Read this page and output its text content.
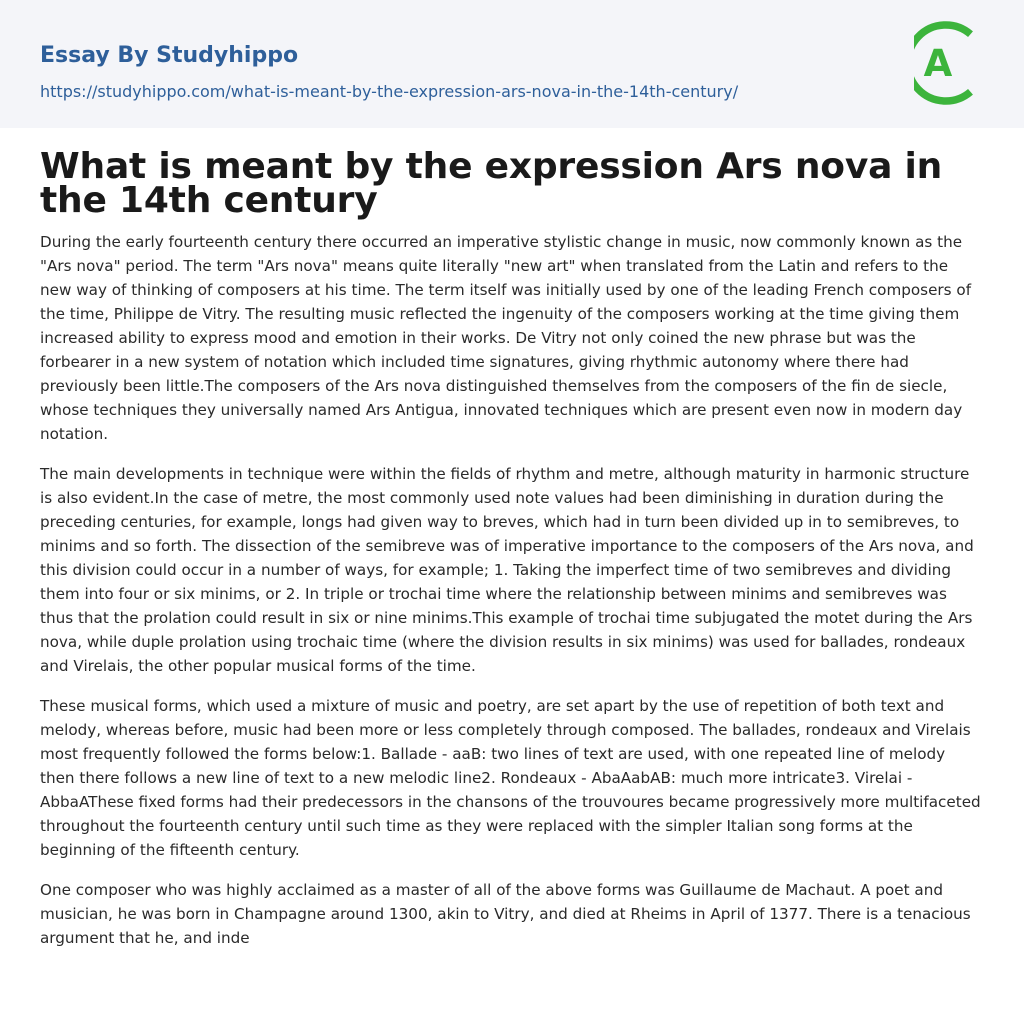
Essay By Studyhippo
https://studyhippo.com/what-is-meant-by-the-expression-ars-nova-in-the-14th-century/
A
What is meant by the expression Ars nova in the 14th century

During the early fourteenth century there occurred an imperative stylistic change in music, now commonly known as the "Ars nova" period. The term "Ars nova" means quite literally "new art" when translated from the Latin and refers to the new way of thinking of composers at his time. The term itself was initially used by one of the leading French composers of the time, Philippe de Vitry. The resulting music reflected the ingenuity of the composers working at the time giving them increased ability to express mood and emotion in their works. De Vitry not only coined the new phrase but was the forbearer in a new system of notation which included time signatures, giving rhythmic autonomy where there had previously been little.The composers of the Ars nova distinguished themselves from the composers of the fin de siecle, whose techniques they universally named Ars Antigua, innovated techniques which are present even now in modern day notation.

The main developments in technique were within the fields of rhythm and metre, although maturity in harmonic structure is also evident.In the case of metre, the most commonly used note values had been diminishing in duration during the preceding centuries, for example, longs had given way to breves, which had in turn been divided up in to semibreves, to minims and so forth. The dissection of the semibreve was of imperative importance to the composers of the Ars nova, and this division could occur in a number of ways, for example; 1. Taking the imperfect time of two semibreves and dividing them into four or six minims, or 2. In triple or trochai time where the relationship between minims and semibreves was thus that the prolation could result in six or nine minims.This example of trochai time subjugated the motet during the Ars nova, while duple prolation using trochaic time (where the division results in six minims) was used for ballades, rondeaux and Virelais, the other popular musical forms of the time.

These musical forms, which used a mixture of music and poetry, are set apart by the use of repetition of both text and melody, whereas before, music had been more or less completely through composed. The ballades, rondeaux and Virelais most frequently followed the forms below:1. Ballade - aaB: two lines of text are used, with one repeated line of melody then there follows a new line of text to a new melodic line2. Rondeaux - AbaAabAB: much more intricate3. Virelai - AbbaAThese fixed forms had their predecessors in the chansons of the trouvoures became progressively more multifaceted throughout the fourteenth century until such time as they were replaced with the simpler Italian song forms at the beginning of the fifteenth century.

One composer who was highly acclaimed as a master of all of the above forms was Guillaume de Machaut. A poet and musician, he was born in Champagne around 1300, akin to Vitry, and died at Rheims in April of 1377. There is a tenacious argument that he, and inde
